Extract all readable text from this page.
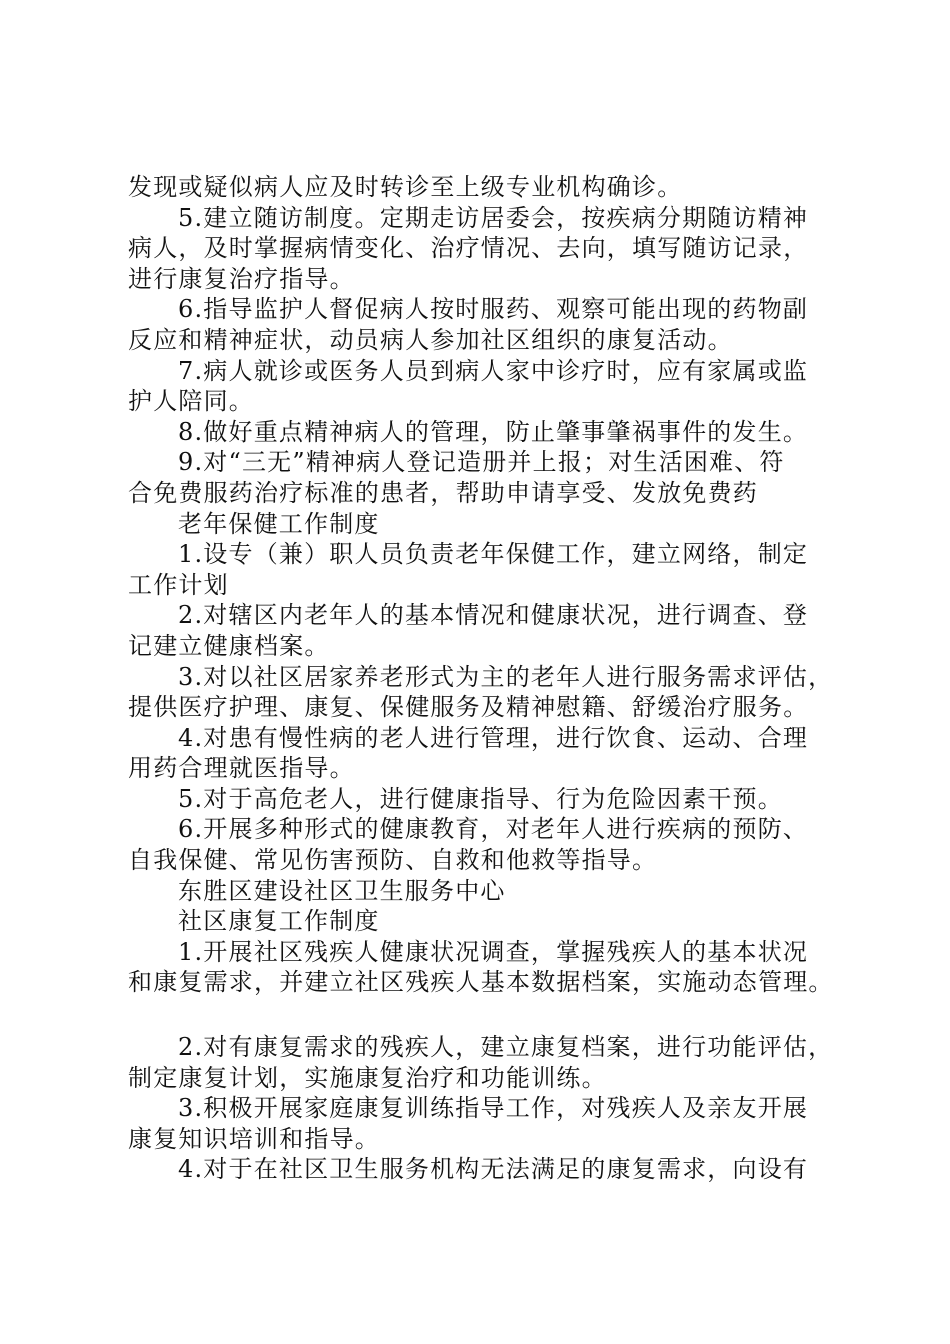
发现或疑似病人应及时转诊至上级专业机构确诊。

5.建立随访制度。定期走访居委会，按疾病分期随访精神

病人，及时掌握病情变化、治疗情况、去向，填写随访记录，

进行康复治疗指导。

6.指导监护人督促病人按时服药、观察可能出现的药物副

反应和精神症状，动员病人参加社区组织的康复活动。

7.病人就诊或医务人员到病人家中诊疗时，应有家属或监

护人陪同。

8.做好重点精神病人的管理，防止肇事肇祸事件的发生。

9.对“三无”精神病人登记造册并上报；对生活困难、符

合免费服药治疗标准的患者，帮助申请享受、发放免费药

老年保健工作制度

1.设专（兼）职人员负责老年保健工作，建立网络，制定

工作计划

2.对辖区内老年人的基本情况和健康状况，进行调查、登

记建立健康档案。

3.对以社区居家养老形式为主的老年人进行服务需求评估，

提供医疗护理、康复、保健服务及精神慰籍、舒缓治疗服务。

4.对患有慢性病的老人进行管理，进行饮食、运动、合理

用药合理就医指导。

5.对于高危老人，进行健康指导、行为危险因素干预。

6.开展多种形式的健康教育，对老年人进行疾病的预防、

自我保健、常见伤害预防、自救和他救等指导。

东胜区建设社区卫生服务中心

社区康复工作制度

1.开展社区残疾人健康状况调查，掌握残疾人的基本状况

和康复需求，并建立社区残疾人基本数据档案，实施动态管理。

2.对有康复需求的残疾人，建立康复档案，进行功能评估，

制定康复计划，实施康复治疗和功能训练。

3.积极开展家庭康复训练指导工作，对残疾人及亲友开展

康复知识培训和指导。

4.对于在社区卫生服务机构无法满足的康复需求，向设有
